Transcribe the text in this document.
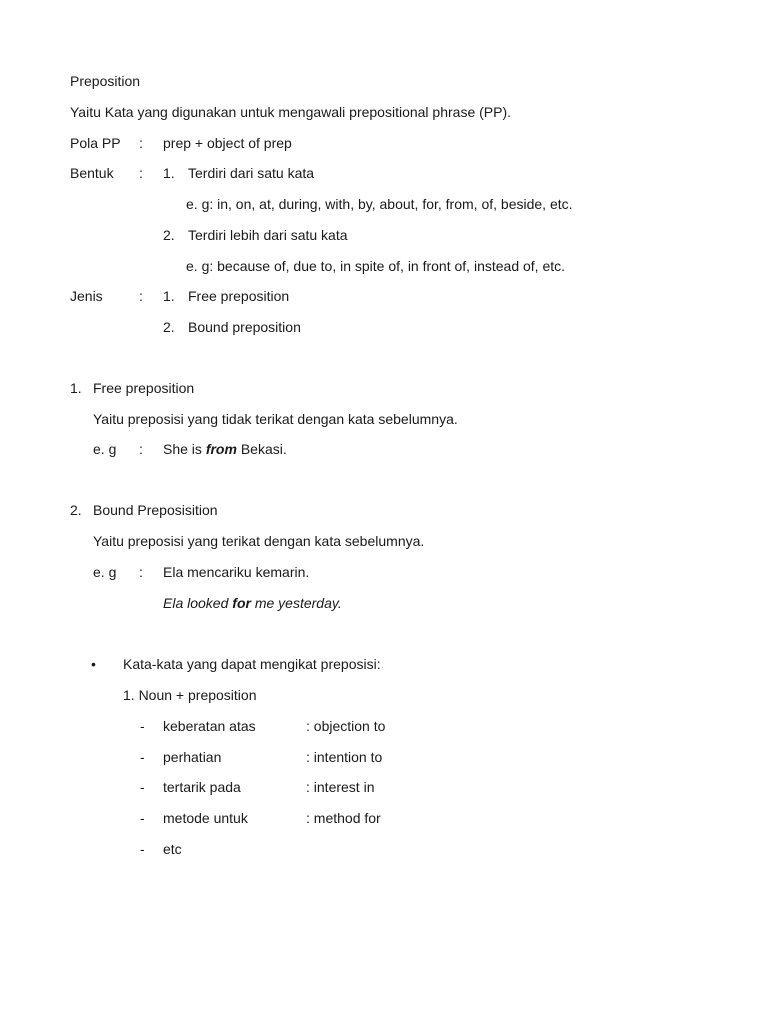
Preposition
Yaitu Kata yang digunakan untuk mengawali prepositional phrase (PP).
Pola PP : prep + object of prep
Bentuk : 1. Terdiri dari satu kata
e. g: in, on, at, during, with, by, about, for, from, of, beside, etc.
2. Terdiri lebih dari satu kata
e. g: because of, due to, in spite of, in front of, instead of, etc.
Jenis	: 1. Free preposition
2. Bound preposition
1. Free preposition
Yaitu preposisi yang tidak terikat dengan kata sebelumnya.
e. g : She is from Bekasi.
2. Bound Preposisition
Yaitu preposisi yang terikat dengan kata sebelumnya.
e. g : Ela mencariku kemarin.
Ela looked for me yesterday.
• Kata-kata yang dapat mengikat preposisi:
1. Noun + preposition
- keberatan atas	: objection to
- perhatian	: intention to
- tertarik pada	: interest in
- metode untuk	: method for
- etc
